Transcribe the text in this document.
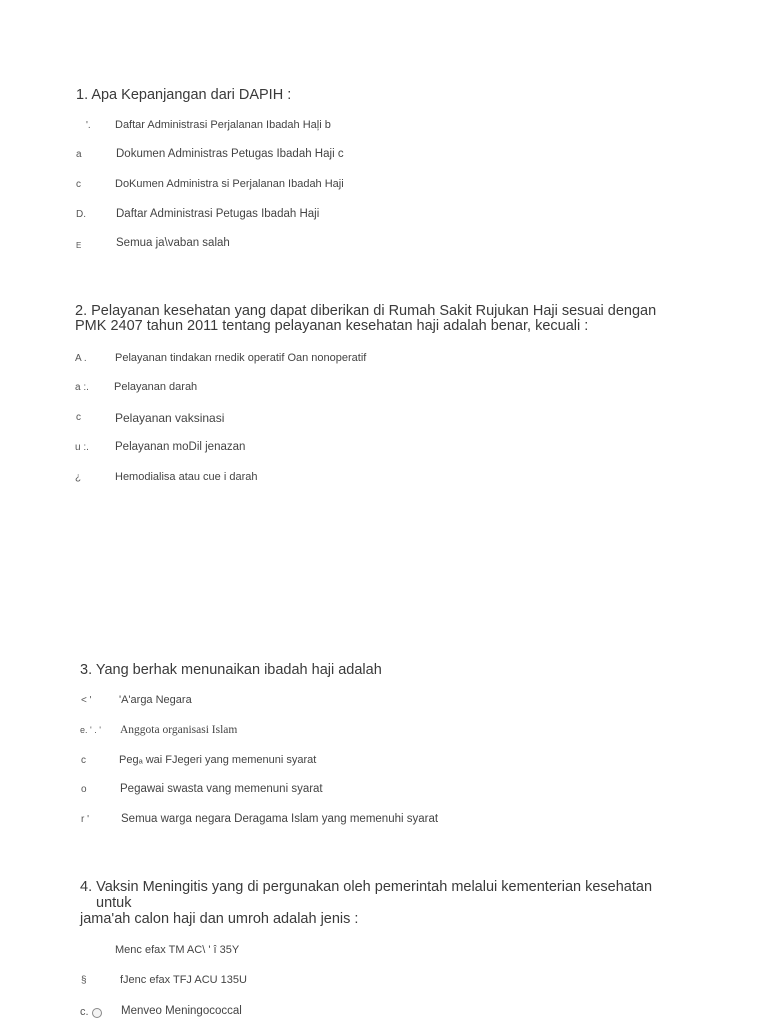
1. Apa Kepanjangan dari DAPIH :
'. Daftar Administrasi Perjalanan Ibadah Haļi b
a	Dokumen Administras Petugas Ibadah Haji c
c	DoKumen Administra si Perjalanan Ibadah Haji
D.	Daftar Administrasi Petugas Ibadah Haji
E	Semua ja\vaban salah
2. Pelayanan kesehatan yang dapat diberikan di Rumah Sakit Rujukan Haji sesuai dengan
PMK 2407 tahun 2011 tentang pelayanan kesehatan haji adalah benar, kecuali :
A .	Pelayanan tindakan rnedik operatif Oan nonoperatif
a :. Pelayanan darah
c	Pelayanan vaksinasi
u :. Pelayanan moDil jenazan
¿	Hemodialisa atau cue i darah
3. Yang berhak menunaikan ibadah haji adalah
< ' 'A'arga Negara
e. ' . ' Anggota organisasi Islam
c	Pegₐ wai FJegeri yang memenuni syarat
o	Pegawai swasta vang memenuni syarat
r '	Semua warga negara Deragama Islam yang memenuhi syarat
4. Vaksin Meningitis yang di pergunakan oleh pemerintah melalui kementerian kesehatan
untuk
jama'ah calon haji dan umroh adalah jenis :
Menc efax TM AC\ ' î 35Y
§	fJenc efax TFJ ACU 135U
c.	Menveo Meningococcal
